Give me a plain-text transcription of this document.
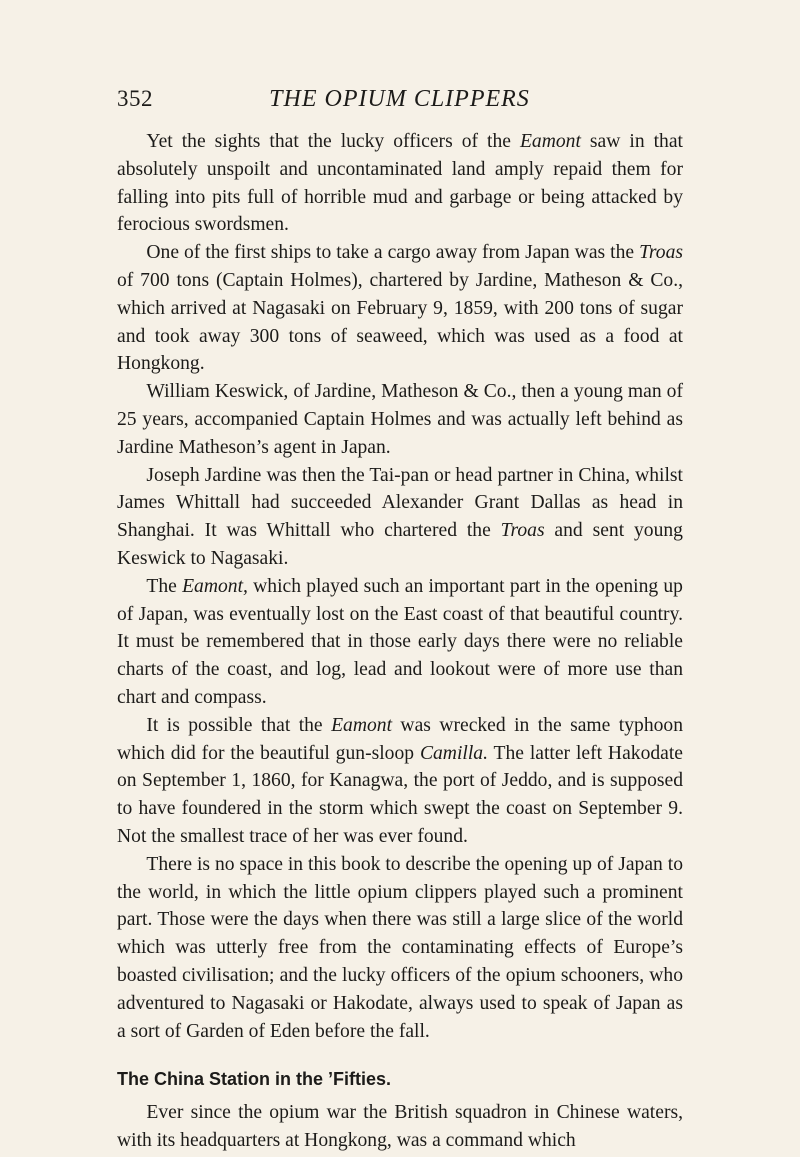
352	THE OPIUM CLIPPERS

Yet the sights that the lucky officers of the Eamont saw in that absolutely unspoilt and uncontaminated land amply repaid them for falling into pits full of horrible mud and garbage or being attacked by ferocious swordsmen.

One of the first ships to take a cargo away from Japan was the Troas of 700 tons (Captain Holmes), chartered by Jardine, Matheson & Co., which arrived at Nagasaki on February 9, 1859, with 200 tons of sugar and took away 300 tons of seaweed, which was used as a food at Hongkong.

William Keswick, of Jardine, Matheson & Co., then a young man of 25 years, accompanied Captain Holmes and was actually left behind as Jardine Matheson’s agent in Japan.

Joseph Jardine was then the Tai-pan or head partner in China, whilst James Whittall had succeeded Alexander Grant Dallas as head in Shanghai. It was Whittall who chartered the Troas and sent young Keswick to Nagasaki.

The Eamont, which played such an important part in the opening up of Japan, was eventually lost on the East coast of that beautiful country. It must be remembered that in those early days there were no reliable charts of the coast, and log, lead and lookout were of more use than chart and compass.

It is possible that the Eamont was wrecked in the same typhoon which did for the beautiful gun-sloop Camilla. The latter left Hakodate on September 1, 1860, for Kanagwa, the port of Jeddo, and is supposed to have foundered in the storm which swept the coast on September 9. Not the smallest trace of her was ever found.

There is no space in this book to describe the opening up of Japan to the world, in which the little opium clippers played such a prominent part. Those were the days when there was still a large slice of the world which was utterly free from the contaminating effects of Europe’s boasted civilisation; and the lucky officers of the opium schooners, who adventured to Nagasaki or Hakodate, always used to speak of Japan as a sort of Garden of Eden before the fall.

The China Station in the ’Fifties.

Ever since the opium war the British squadron in Chinese waters, with its headquarters at Hongkong, was a command which
